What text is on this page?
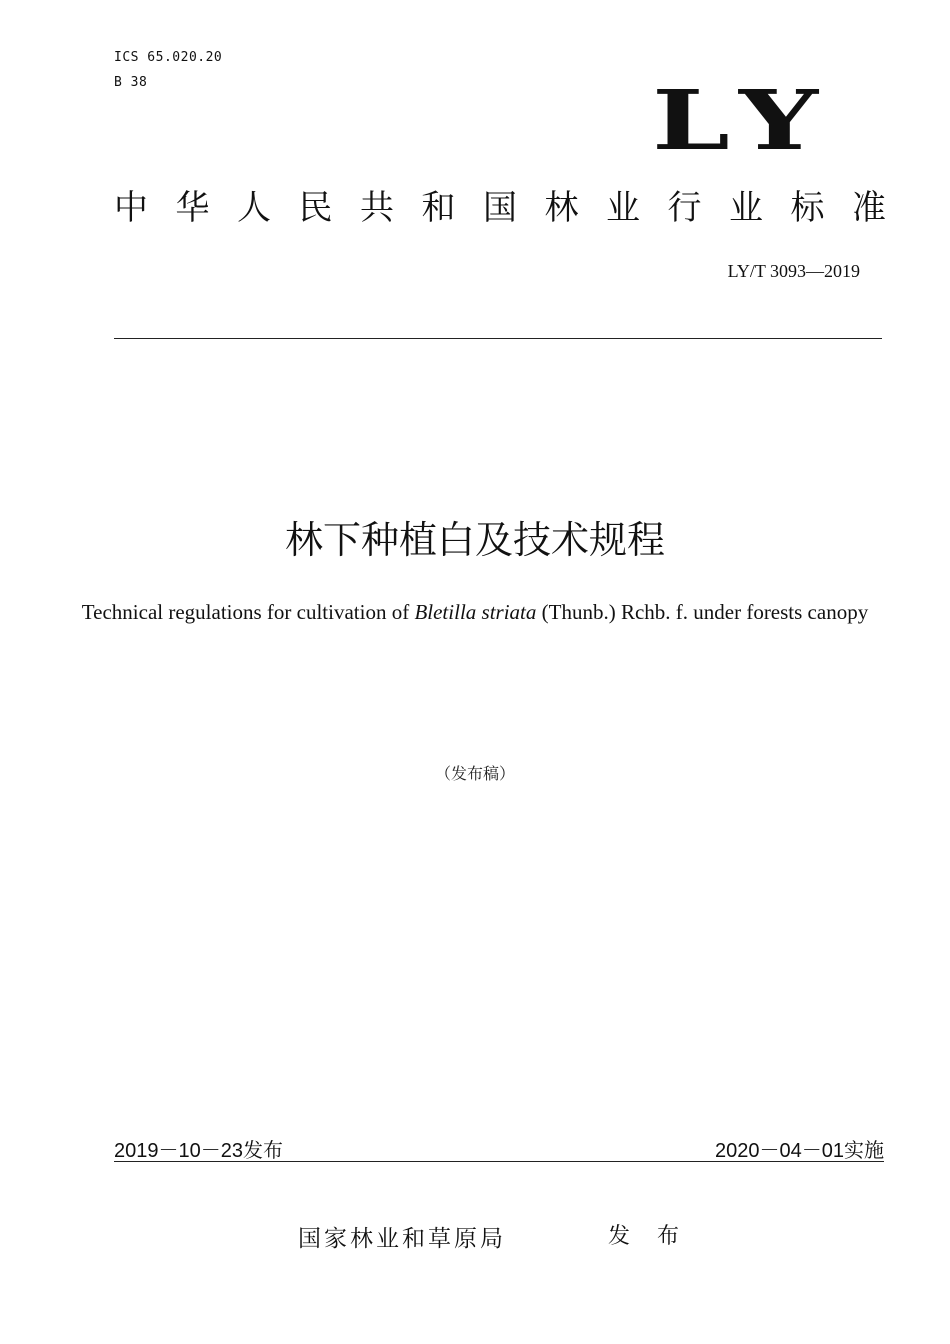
ICS 65.020.20
B 38	LY
中 华 人 民 共 和 国 林 业 行 业 标 准
LY/T 3093—2019
林下种植白及技术规程
Technical regulations for cultivation of Bletilla striata (Thunb.) Rchb. f. under forests canopy
（发布稿）
2019－10－23发布	2020－04－01实施
国家林业和草原局	发 布
